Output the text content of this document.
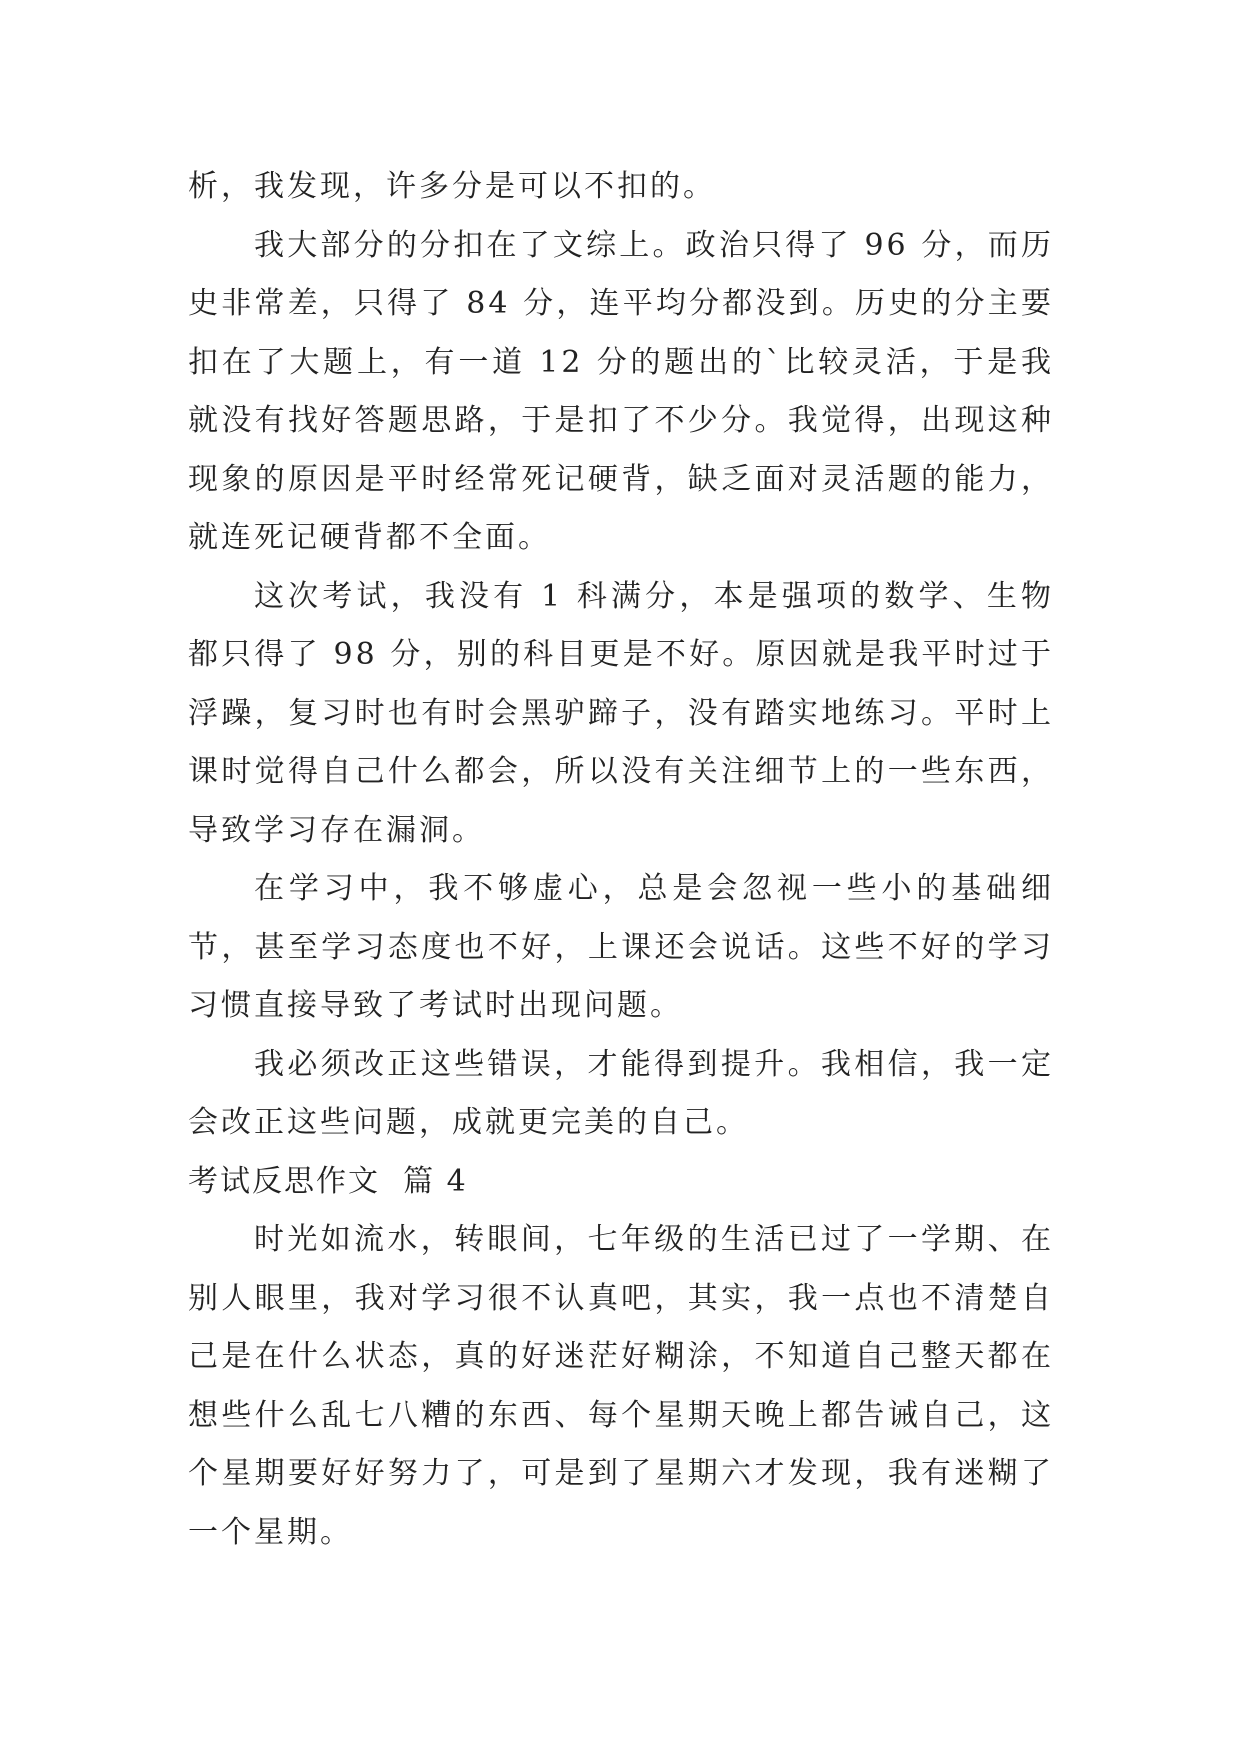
析，我发现，许多分是可以不扣的。

我大部分的分扣在了文综上。政治只得了 96 分，而历史非常差，只得了 84 分，连平均分都没到。历史的分主要扣在了大题上，有一道 12 分的题出的`比较灵活，于是我就没有找好答题思路，于是扣了不少分。我觉得，出现这种现象的原因是平时经常死记硬背，缺乏面对灵活题的能力，就连死记硬背都不全面。

这次考试，我没有 1 科满分，本是强项的数学、生物都只得了 98 分，别的科目更是不好。原因就是我平时过于浮躁，复习时也有时会黑驴蹄子，没有踏实地练习。平时上课时觉得自己什么都会，所以没有关注细节上的一些东西，导致学习存在漏洞。

在学习中，我不够虚心，总是会忽视一些小的基础细节，甚至学习态度也不好，上课还会说话。这些不好的学习习惯直接导致了考试时出现问题。

我必须改正这些错误，才能得到提升。我相信，我一定会改正这些问题，成就更完美的自己。

考试反思作文  篇 4

时光如流水，转眼间，七年级的生活已过了一学期、在别人眼里，我对学习很不认真吧，其实，我一点也不清楚自己是在什么状态，真的好迷茫好糊涂，不知道自己整天都在想些什么乱七八糟的东西、每个星期天晚上都告诫自己，这个星期要好好努力了，可是到了星期六才发现，我有迷糊了一个星期。
